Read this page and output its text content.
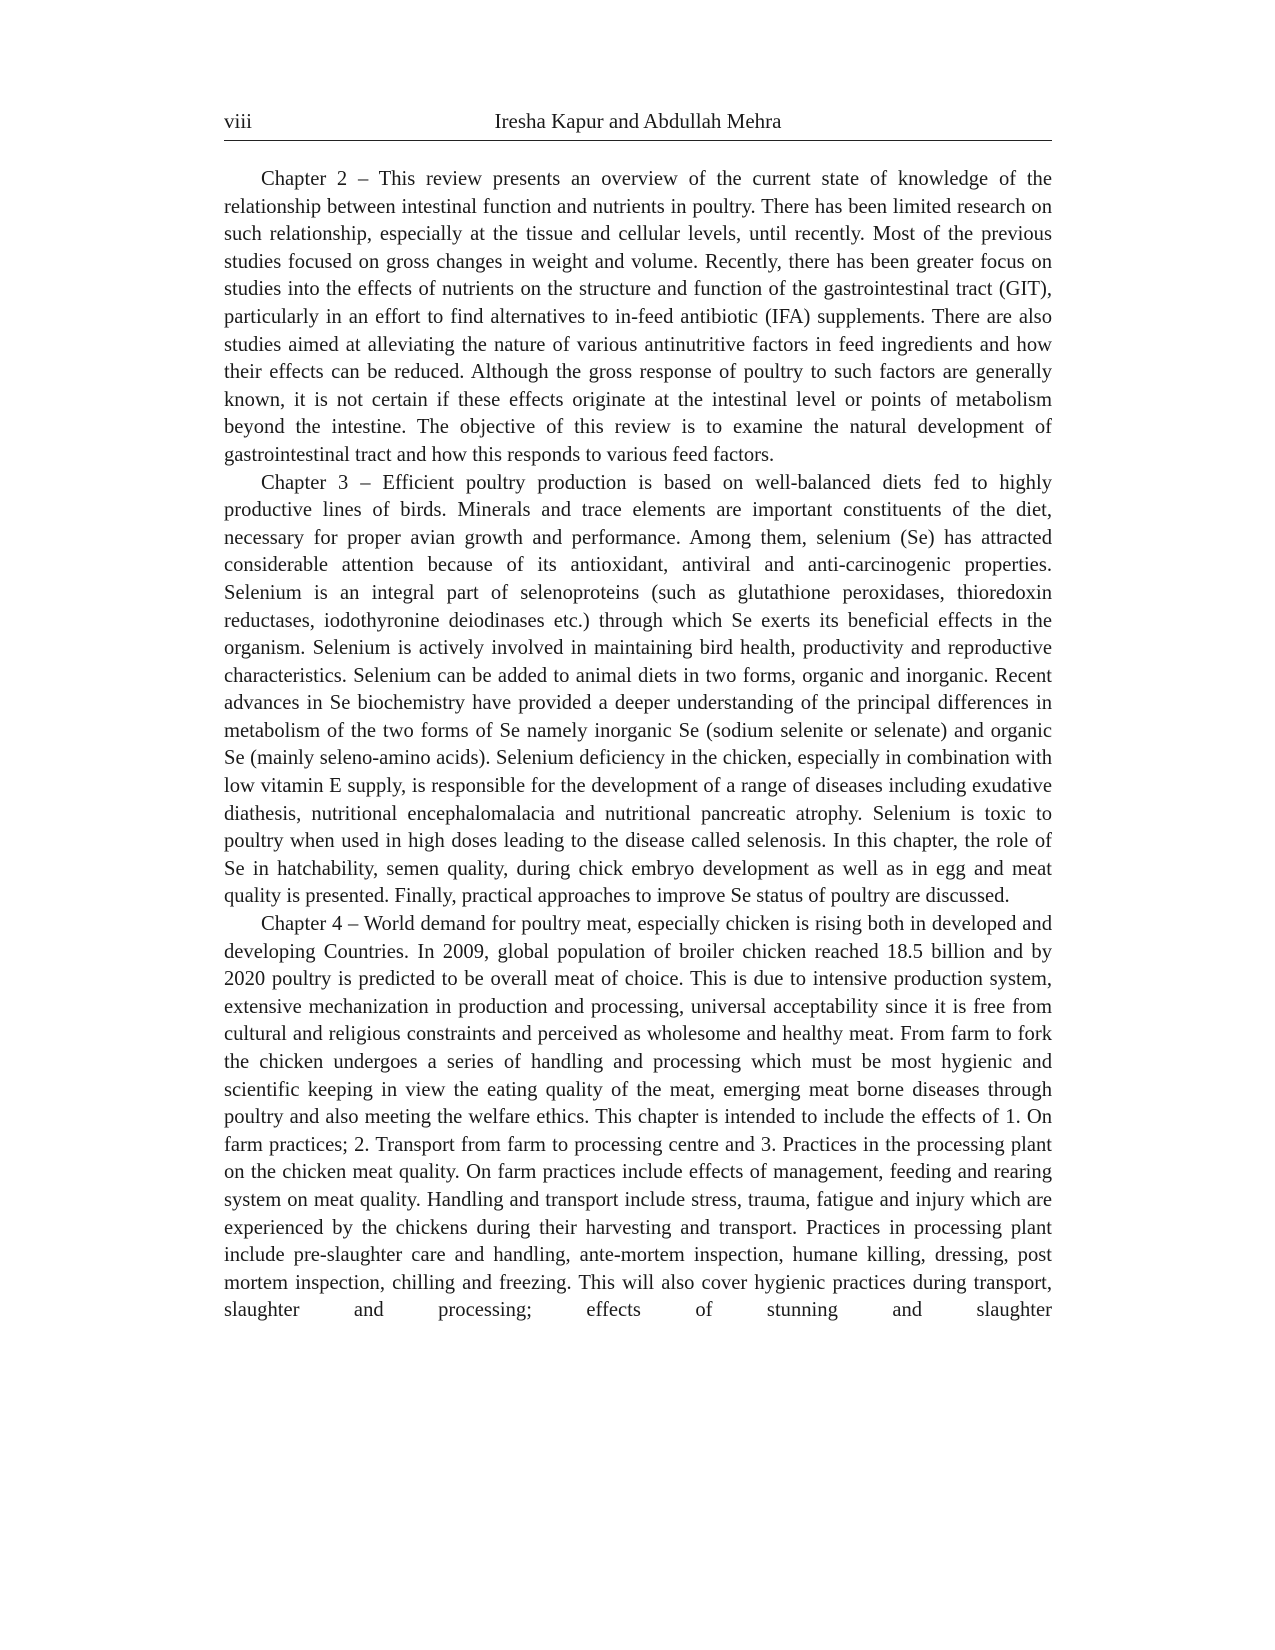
viii	Iresha Kapur and Abdullah Mehra

Chapter 2 – This review presents an overview of the current state of knowledge of the relationship between intestinal function and nutrients in poultry. There has been limited research on such relationship, especially at the tissue and cellular levels, until recently. Most of the previous studies focused on gross changes in weight and volume. Recently, there has been greater focus on studies into the effects of nutrients on the structure and function of the gastrointestinal tract (GIT), particularly in an effort to find alternatives to in-feed antibiotic (IFA) supplements. There are also studies aimed at alleviating the nature of various antinutritive factors in feed ingredients and how their effects can be reduced. Although the gross response of poultry to such factors are generally known, it is not certain if these effects originate at the intestinal level or points of metabolism beyond the intestine. The objective of this review is to examine the natural development of gastrointestinal tract and how this responds to various feed factors.

Chapter 3 – Efficient poultry production is based on well-balanced diets fed to highly productive lines of birds. Minerals and trace elements are important constituents of the diet, necessary for proper avian growth and performance. Among them, selenium (Se) has attracted considerable attention because of its antioxidant, antiviral and anti-carcinogenic properties. Selenium is an integral part of selenoproteins (such as glutathione peroxidases, thioredoxin reductases, iodothyronine deiodinases etc.) through which Se exerts its beneficial effects in the organism. Selenium is actively involved in maintaining bird health, productivity and reproductive characteristics. Selenium can be added to animal diets in two forms, organic and inorganic. Recent advances in Se biochemistry have provided a deeper understanding of the principal differences in metabolism of the two forms of Se namely inorganic Se (sodium selenite or selenate) and organic Se (mainly seleno-amino acids). Selenium deficiency in the chicken, especially in combination with low vitamin E supply, is responsible for the development of a range of diseases including exudative diathesis, nutritional encephalomalacia and nutritional pancreatic atrophy. Selenium is toxic to poultry when used in high doses leading to the disease called selenosis. In this chapter, the role of Se in hatchability, semen quality, during chick embryo development as well as in egg and meat quality is presented. Finally, practical approaches to improve Se status of poultry are discussed.

Chapter 4 – World demand for poultry meat, especially chicken is rising both in developed and developing Countries. In 2009, global population of broiler chicken reached 18.5 billion and by 2020 poultry is predicted to be overall meat of choice. This is due to intensive production system, extensive mechanization in production and processing, universal acceptability since it is free from cultural and religious constraints and perceived as wholesome and healthy meat. From farm to fork the chicken undergoes a series of handling and processing which must be most hygienic and scientific keeping in view the eating quality of the meat, emerging meat borne diseases through poultry and also meeting the welfare ethics. This chapter is intended to include the effects of 1. On farm practices; 2. Transport from farm to processing centre and 3. Practices in the processing plant on the chicken meat quality. On farm practices include effects of management, feeding and rearing system on meat quality. Handling and transport include stress, trauma, fatigue and injury which are experienced by the chickens during their harvesting and transport. Practices in processing plant include pre-slaughter care and handling, ante-mortem inspection, humane killing, dressing, post mortem inspection, chilling and freezing. This will also cover hygienic practices during transport, slaughter and processing; effects of stunning and slaughter
